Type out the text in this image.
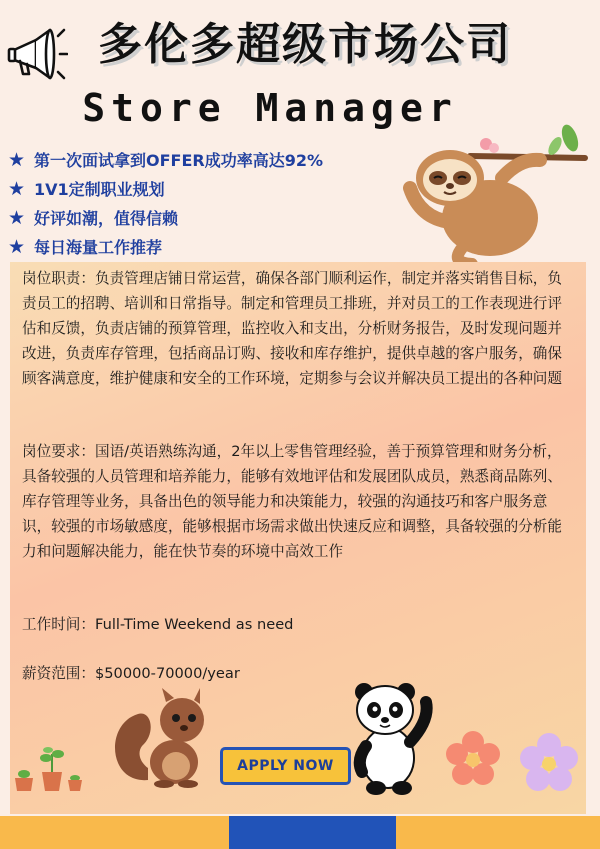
多伦多超级市场公司
Store Manager
★ 第一次面试拿到OFFER成功率高达92%
★ 1V1定制职业规划
★ 好评如潮，值得信赖
★ 每日海量工作推荐

岗位职责：负责管理店铺日常运营，确保各部门顺利运作，制定并落实销售目标，负责员工的招聘、培训和日常指导。制定和管理员工排班，并对员工的工作表现进行评估和反馈，负责店铺的预算管理，监控收入和支出，分析财务报告，及时发现问题并改进，负责库存管理，包括商品订购、接收和库存维护，提供卓越的客户服务，确保顾客满意度，维护健康和安全的工作环境，定期参与会议并解决员工提出的各种问题

岗位要求：国语/英语熟练沟通，2年以上零售管理经验，善于预算管理和财务分析，具备较强的人员管理和培养能力，能够有效地评估和发展团队成员，熟悉商品陈列、库存管理等业务，具备出色的领导能力和决策能力，较强的沟通技巧和客户服务意识，较强的市场敏感度，能够根据市场需求做出快速反应和调整，具备较强的分析能力和问题解决能力，能在快节奏的环境中高效工作

工作时间：Full-Time Weekend as need

薪资范围：$50000-70000/year

APPLY NOW
